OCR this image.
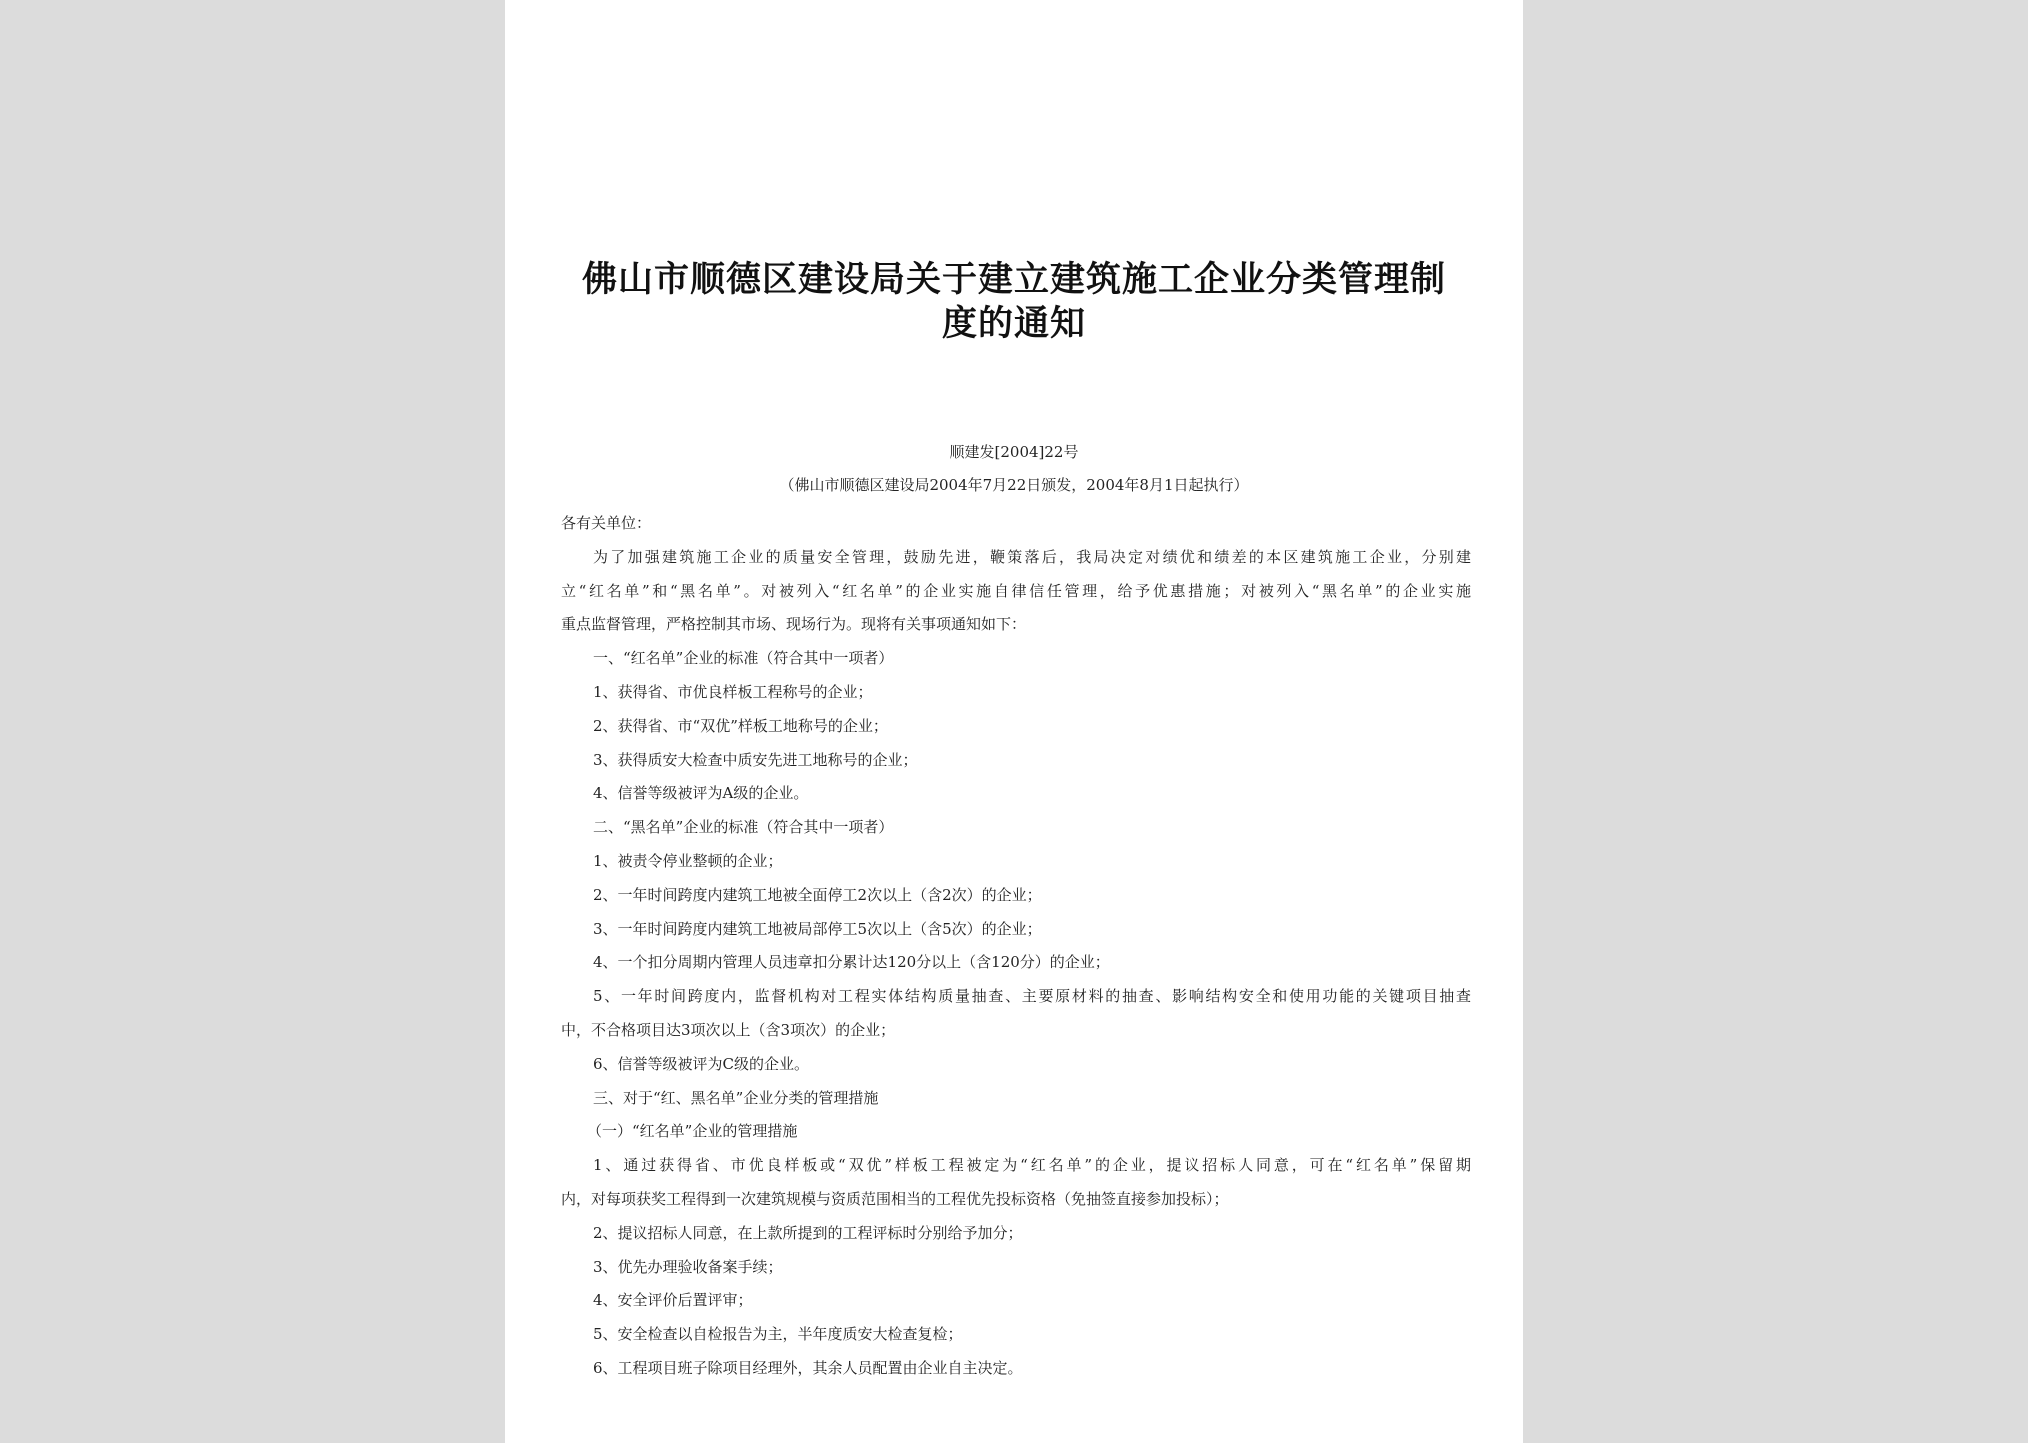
佛山市顺德区建设局关于建立建筑施工企业分类管理制
度的通知
顺建发[2004]22号
（佛山市顺德区建设局2004年7月22日颁发，2004年8月1日起执行）
各有关单位：
为了加强建筑施工企业的质量安全管理，鼓励先进，鞭策落后，我局决定对绩优和绩差的本区建筑施工企业，分别建
立“红名单”和“黑名单”。对被列入“红名单”的企业实施自律信任管理，给予优惠措施；对被列入“黑名单”的企业实施
重点监督管理，严格控制其市场、现场行为。现将有关事项通知如下：
一、“红名单”企业的标准（符合其中一项者）
1、获得省、市优良样板工程称号的企业；
2、获得省、市“双优”样板工地称号的企业；
3、获得质安大检查中质安先进工地称号的企业；
4、信誉等级被评为A级的企业。
二、“黑名单”企业的标准（符合其中一项者）
1、被责令停业整顿的企业；
2、一年时间跨度内建筑工地被全面停工2次以上（含2次）的企业；
3、一年时间跨度内建筑工地被局部停工5次以上（含5次）的企业；
4、一个扣分周期内管理人员违章扣分累计达120分以上（含120分）的企业；
5、一年时间跨度内，监督机构对工程实体结构质量抽查、主要原材料的抽查、影响结构安全和使用功能的关键项目抽查
中，不合格项目达3项次以上（含3项次）的企业；
6、信誉等级被评为C级的企业。
三、对于“红、黑名单”企业分类的管理措施
（一）“红名单”企业的管理措施
1、通过获得省、市优良样板或“双优”样板工程被定为“红名单”的企业，提议招标人同意，可在“红名单”保留期
内，对每项获奖工程得到一次建筑规模与资质范围相当的工程优先投标资格（免抽签直接参加投标）；
2、提议招标人同意，在上款所提到的工程评标时分别给予加分；
3、优先办理验收备案手续；
4、安全评价后置评审；
5、安全检查以自检报告为主，半年度质安大检查复检；
6、工程项目班子除项目经理外，其余人员配置由企业自主决定。
